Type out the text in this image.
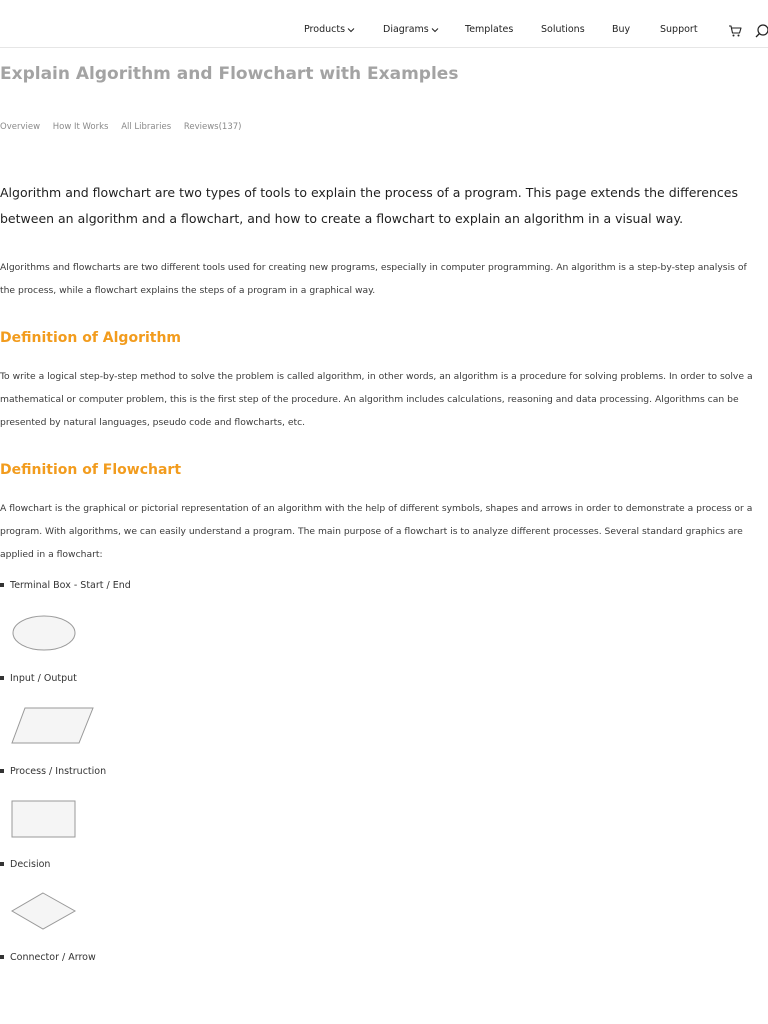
Products	Diagrams	Templates	Solutions	Buy	Support
Explain Algorithm and Flowchart with Examples
Overview How It Works All Libraries Reviews(137)

Algorithm and flowchart are two types of tools to explain the process of a program. This page extends the differences between an algorithm and a flowchart, and how to create a flowchart to explain an algorithm in a visual way.

Algorithms and flowcharts are two different tools used for creating new programs, especially in computer programming. An algorithm is a step-by-step analysis of the process, while a flowchart explains the steps of a program in a graphical way.

Definition of Algorithm

To write a logical step-by-step method to solve the problem is called algorithm, in other words, an algorithm is a procedure for solving problems. In order to solve a mathematical or computer problem, this is the first step of the procedure. An algorithm includes calculations, reasoning and data processing. Algorithms can be presented by natural languages, pseudo code and flowcharts, etc.

Definition of Flowchart

A flowchart is the graphical or pictorial representation of an algorithm with the help of different symbols, shapes and arrows in order to demonstrate a process or a program. With algorithms, we can easily understand a program. The main purpose of a flowchart is to analyze different processes. Several standard graphics are applied in a flowchart:

Terminal Box - Start / End
Input / Output
Process / Instruction
Decision
Connector / Arrow
